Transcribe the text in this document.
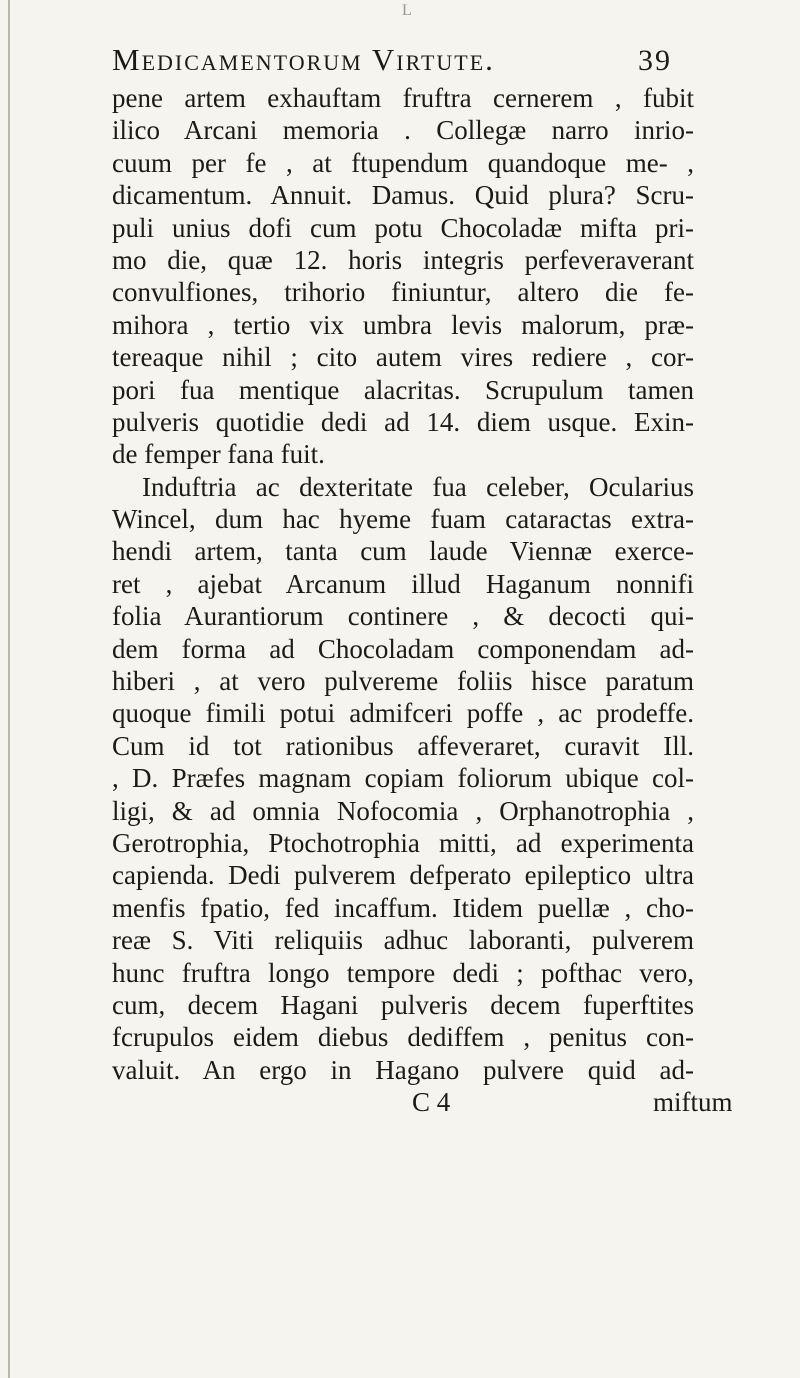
L
Medicamentorum Virtute.	39
pene artem exhauftam fruftra cernerem , fubit
ilico Arcani memoria . Collegæ narro inrio-
cuum per fe , at ftupendum quandoque me- ,
dicamentum. Annuit. Damus. Quid plura? Scru-
puli unius dofi cum potu Chocoladæ mifta pri-
mo die, quæ 12. horis integris perfeveraverant
convulfiones, trihorio finiuntur, altero die fe-
mihora , tertio vix umbra levis malorum, præ-
tereaque nihil ; cito autem vires rediere , cor-
pori fua mentique alacritas. Scrupulum tamen
pulveris quotidie dedi ad 14. diem usque. Exin-
de femper fana fuit.
Induftria ac dexteritate fua celeber, Ocularius
Wincel, dum hac hyeme fuam cataractas extra-
hendi artem, tanta cum laude Viennæ exerce-
ret , ajebat Arcanum illud Haganum nonnifi
folia Aurantiorum continere , & decocti qui-
dem forma ad Chocoladam componendam ad-
hiberi , at vero pulvereme foliis hisce paratum
quoque fimili potui admifceri poffe , ac prodeffe.
Cum id tot rationibus affeveraret, curavit Ill.
, D. Præfes magnam copiam foliorum ubique col-
ligi, & ad omnia Nofocomia , Orphanotrophia ,
Gerotrophia, Ptochotrophia mitti, ad experimenta
capienda. Dedi pulverem defperato epileptico ultra
menfis fpatio, fed incaffum. Itidem puellæ , cho-
reæ S. Viti reliquiis adhuc laboranti, pulverem
hunc fruftra longo tempore dedi ; pofthac vero,
cum, decem Hagani pulveris decem fuperftites
fcrupulos eidem diebus dediffem , penitus con-
valuit. An ergo in Hagano pulvere quid ad-
C 4	miftum
